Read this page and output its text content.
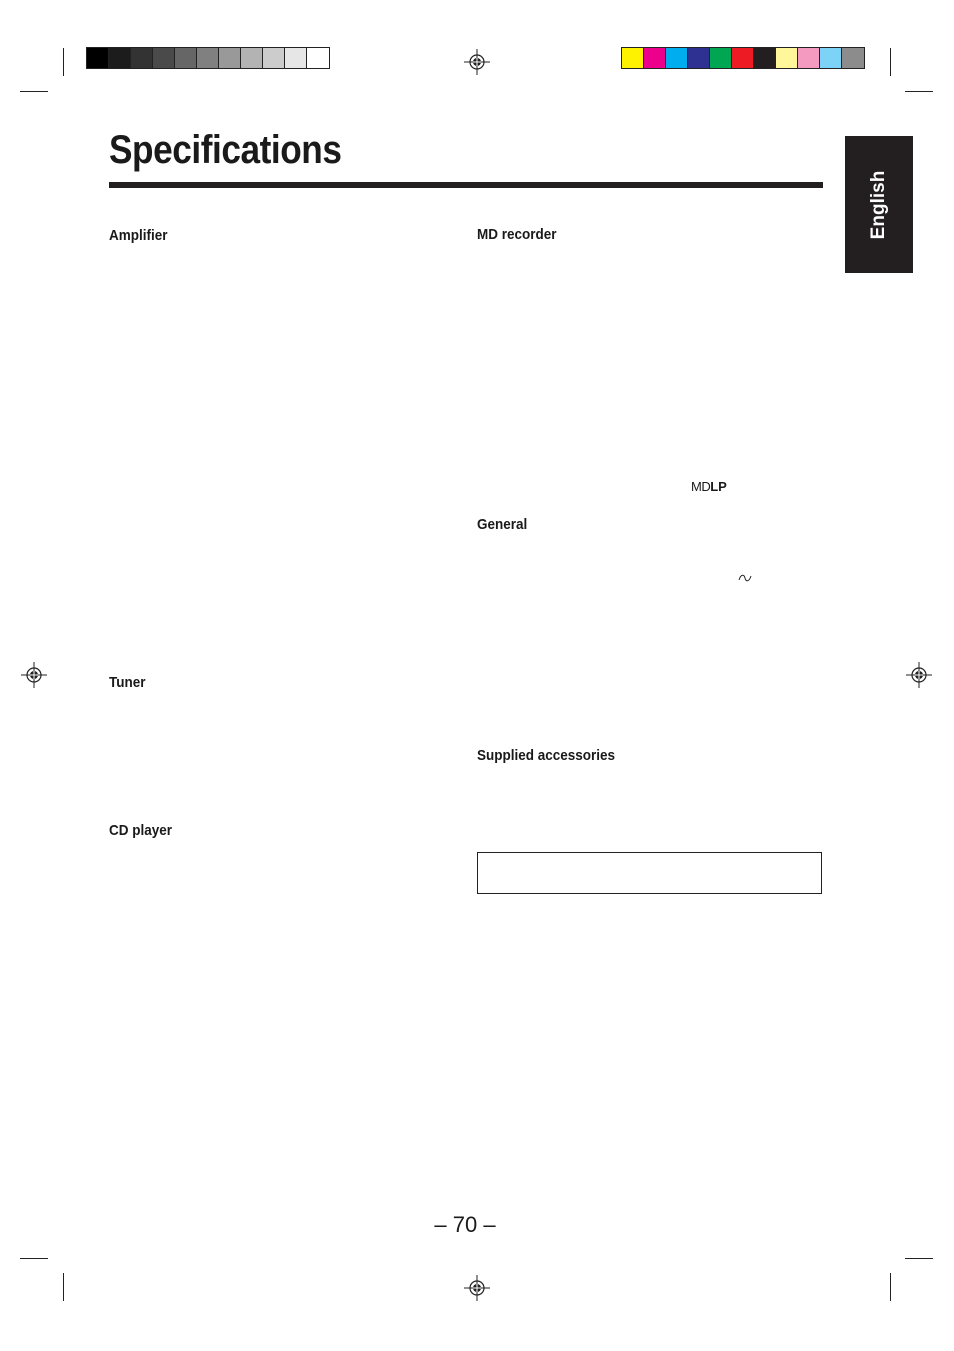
Specifications
English
Amplifier
Tuner
CD player
MD recorder
General
Supplied accessories
MDLP
– 70 –
